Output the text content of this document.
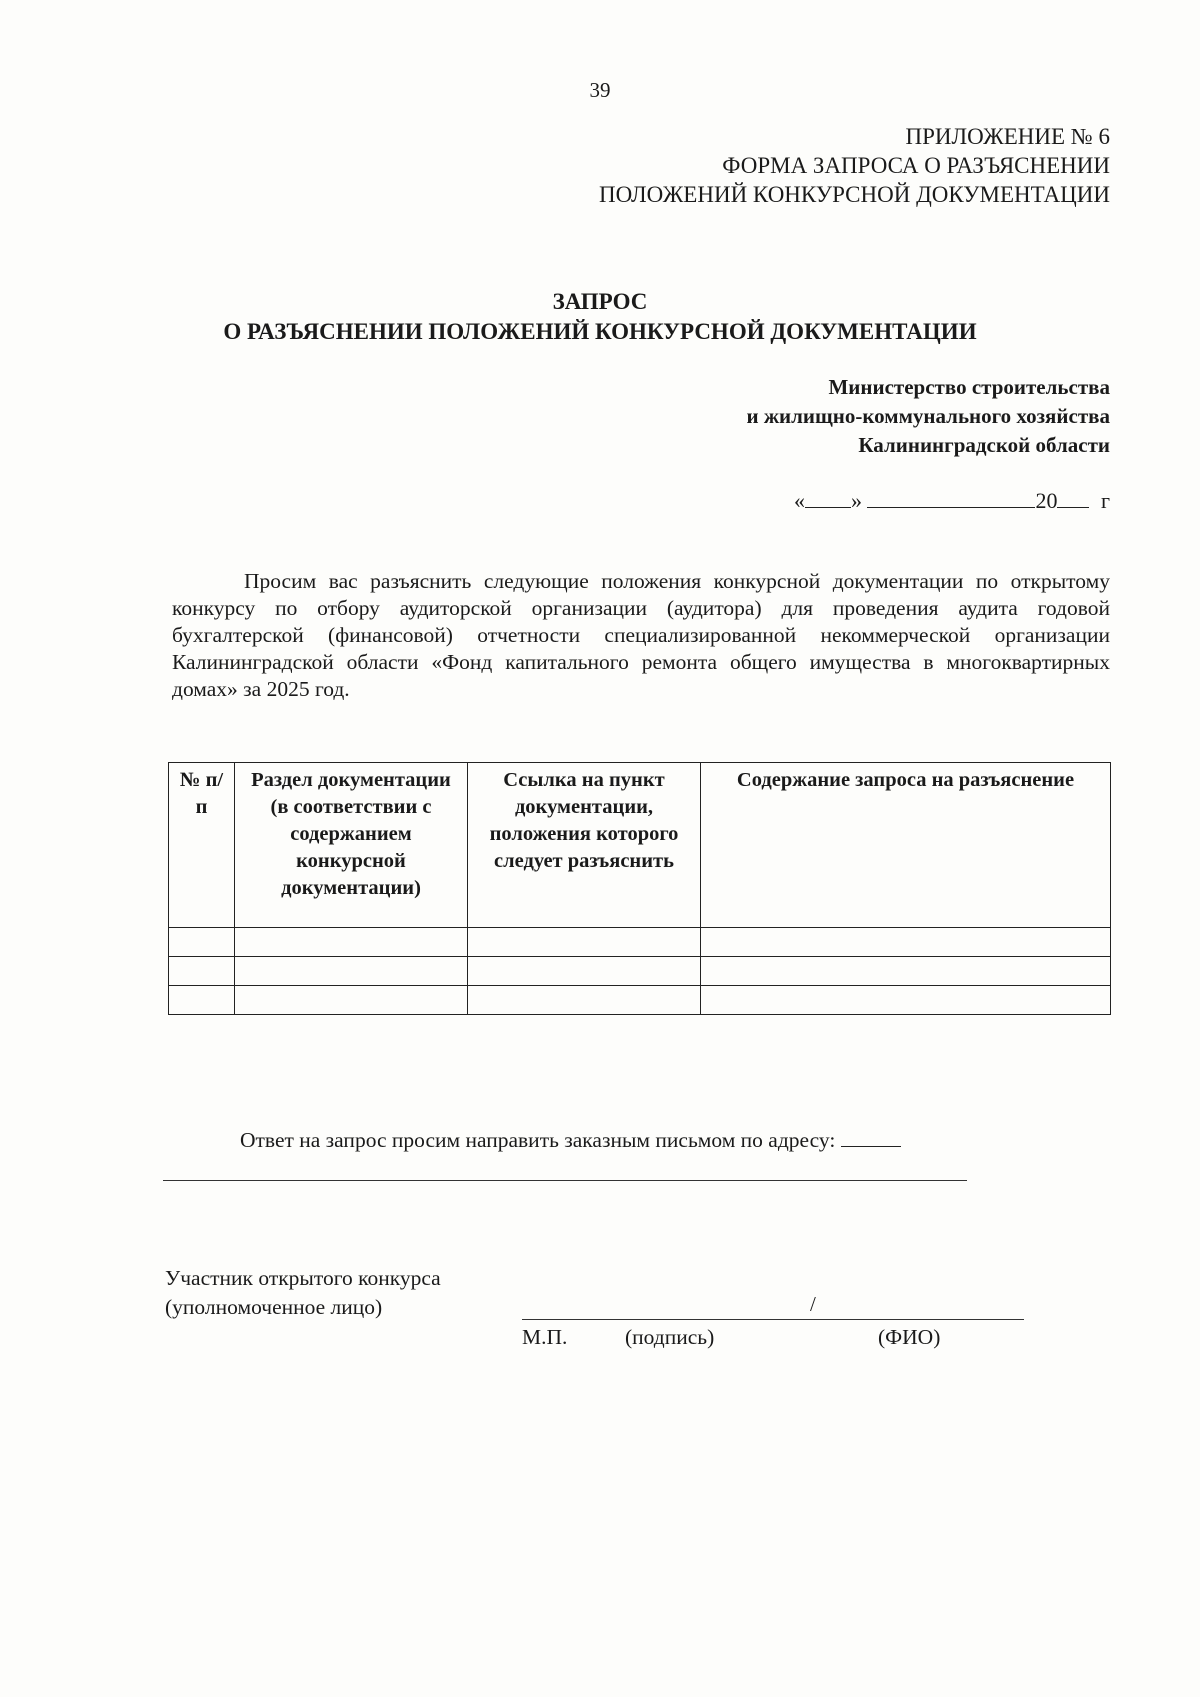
39
ПРИЛОЖЕНИЕ № 6
ФОРМА ЗАПРОСА О РАЗЪЯСНЕНИИ
ПОЛОЖЕНИЙ КОНКУРСНОЙ ДОКУМЕНТАЦИИ
ЗАПРОС
О РАЗЪЯСНЕНИИ ПОЛОЖЕНИЙ КОНКУРСНОЙ ДОКУМЕНТАЦИИ
Министерство строительства
и жилищно-коммунального хозяйства
Калининградской области
« »	20 г
Просим вас разъяснить следующие положения конкурсной документации по открытому конкурсу по отбору аудиторской организации (аудитора) для проведения аудита годовой бухгалтерской (финансовой) отчетности специализированной некоммерческой организации Калининградской области «Фонд капитального ремонта общего имущества в многоквартирных домах» за 2025 год.
№ п/п	Раздел документации (в соответствии с содержанием конкурсной документации)	Ссылка на пункт документации, положения которого следует разъяснить	Содержание запроса на разъяснение

Ответ на запрос просим направить заказным письмом по адресу:
Участник открытого конкурса
(уполномоченное лицо)	/
М.П.	(подпись)	(ФИО)
